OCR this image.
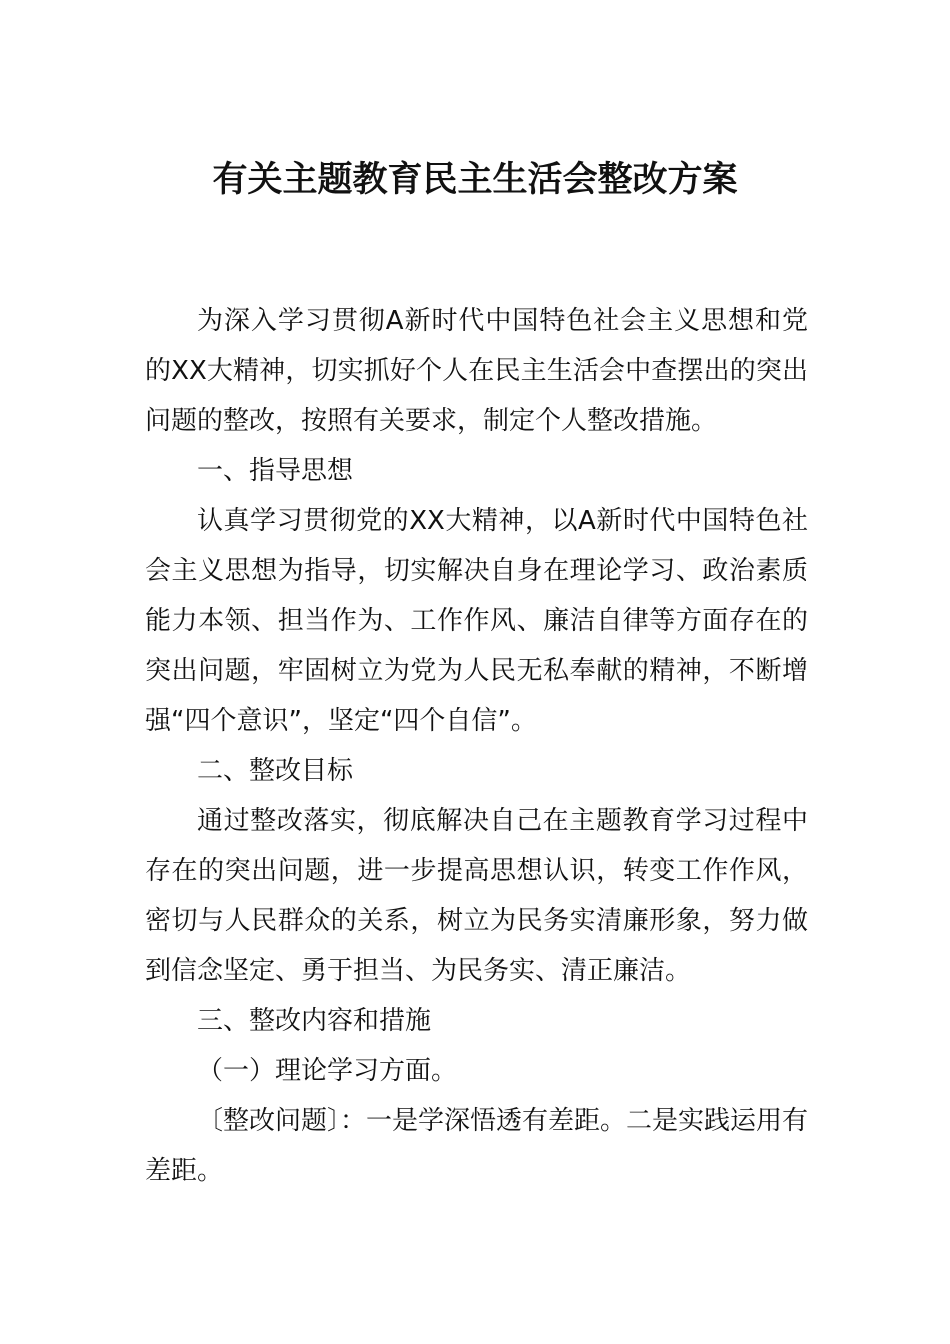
有关主题教育民主生活会整改方案

为深入学习贯彻A新时代中国特色社会主义思想和党的XX大精神，切实抓好个人在民主生活会中查摆出的突出问题的整改，按照有关要求，制定个人整改措施。

一、指导思想

认真学习贯彻党的XX大精神，以A新时代中国特色社会主义思想为指导，切实解决自身在理论学习、政治素质能力本领、担当作为、工作作风、廉洁自律等方面存在的突出问题，牢固树立为党为人民无私奉献的精神，不断增强“四个意识”，坚定“四个自信”。

二、整改目标

通过整改落实，彻底解决自己在主题教育学习过程中存在的突出问题，进一步提高思想认识，转变工作作风，密切与人民群众的关系，树立为民务实清廉形象，努力做到信念坚定、勇于担当、为民务实、清正廉洁。

三、整改内容和措施

（一）理论学习方面。

〔整改问题〕：一是学深悟透有差距。二是实践运用有差距。
